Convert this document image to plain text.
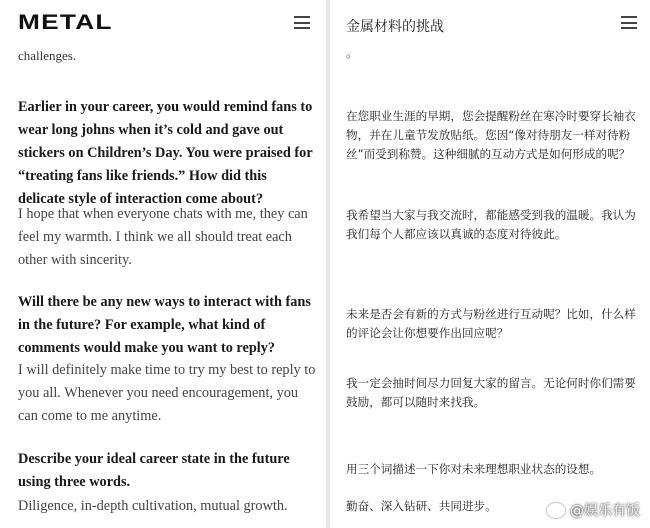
METAL
challenges.
Earlier in your career, you would remind fans to wear long johns when it’s cold and gave out stickers on Children’s Day. You were praised for “treating fans like friends.” How did this delicate style of interaction come about?
I hope that when everyone chats with me, they can feel my warmth. I think we all should treat each other with sincerity.
Will there be any new ways to interact with fans in the future? For example, what kind of comments would make you want to reply?
I will definitely make time to try my best to reply to you all. Whenever you need encouragement, you can come to me anytime.
Describe your ideal career state in the future using three words.
Diligence, in-depth cultivation, mutual growth.
金属材料的挑战
。
在您职业生涯的早期，您会提醒粉丝在寒冷时要穿长袖衣物，并在儿童节发放贴纸。您因“像对待朋友一样对待粉丝”而受到称赞。这种细腻的互动方式是如何形成的呢？
我希望当大家与我交流时，都能感受到我的温暖。我认为我们每个人都应该以真诚的态度对待彼此。
未来是否会有新的方式与粉丝进行互动呢？比如，什么样的评论会让你想要作出回应呢？
我一定会抽时间尽力回复大家的留言。无论何时你们需要鼓励，都可以随时来找我。
用三个词描述一下你对未来理想职业状态的设想。
勤奋、深入钻研、共同进步。	@娱乐有饭
